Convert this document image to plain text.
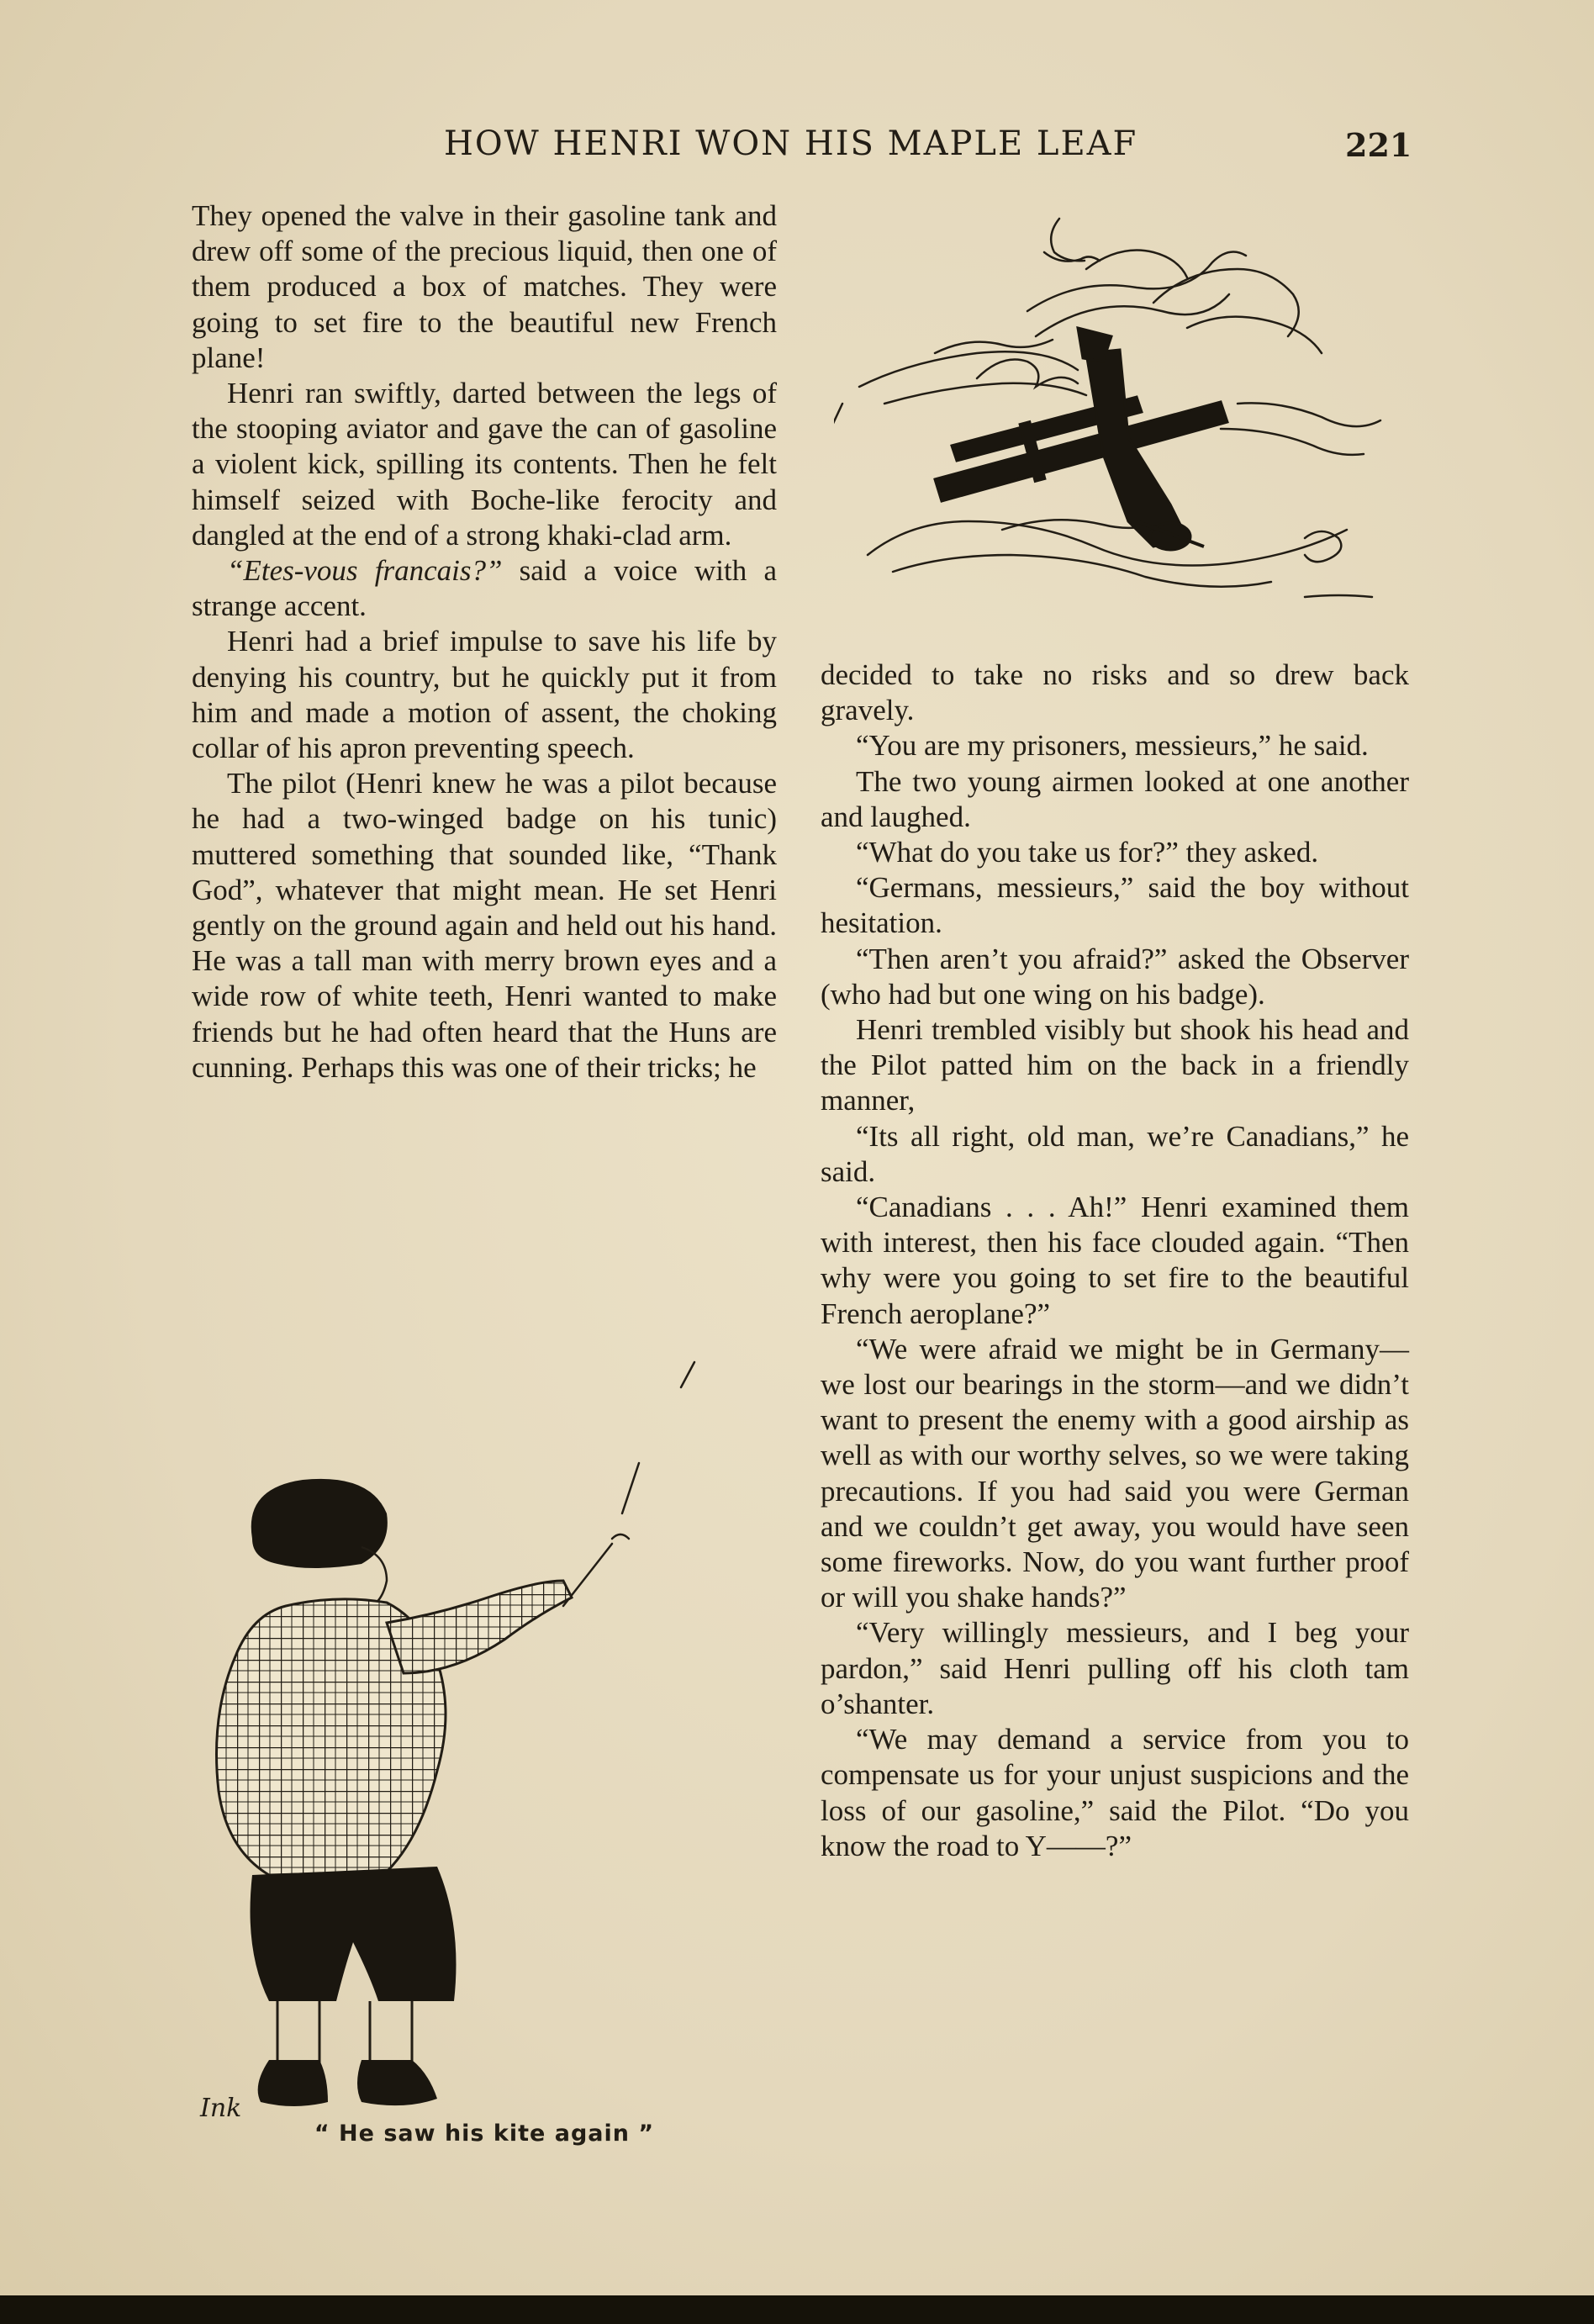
HOW HENRI WON HIS MAPLE LEAF	221

They opened the valve in their gasoline tank and drew off some of the precious liquid, then one of them produced a box of matches. They were going to set fire to the beautiful new French plane!

Henri ran swiftly, darted between the legs of the stooping aviator and gave the can of gasoline a violent kick, spilling its contents. Then he felt himself seized with Boche-like ferocity and dangled at the end of a strong khaki-clad arm.

“Etes-vous francais?” said a voice with a strange accent.

Henri had a brief impulse to save his life by denying his country, but he quickly put it from him and made a motion of assent, the choking collar of his apron preventing speech.

The pilot (Henri knew he was a pilot because he had a two-winged badge on his tunic) muttered something that sounded like, “Thank God”, whatever that might mean. He set Henri gently on the ground again and held out his hand. He was a tall man with merry brown eyes and a wide row of white teeth, Henri wanted to make friends but he had often heard that the Huns are cunning. Perhaps this was one of their tricks; he

decided to take no risks and so drew back gravely.

“You are my prisoners, messieurs,” he said.

The two young airmen looked at one another and laughed.

“What do you take us for?” they asked.

“Germans, messieurs,” said the boy without hesitation.

“Then aren’t you afraid?” asked the Observer (who had but one wing on his badge).

Henri trembled visibly but shook his head and the Pilot patted him on the back in a friendly manner,

“Its all right, old man, we’re Canadians,” he said.

“Canadians . . . Ah!” Henri examined them with interest, then his face clouded again. “Then why were you going to set fire to the beautiful French aeroplane?”

“We were afraid we might be in Germany—we lost our bearings in the storm—and we didn’t want to present the enemy with a good airship as well as with our worthy selves, so we were taking precautions. If you had said you were German and we couldn’t get away, you would have seen some fireworks. Now, do you want further proof or will you shake hands?”

“Very willingly messieurs, and I beg your pardon,” said Henri pulling off his cloth tam o’shanter.

“We may demand a service from you to compensate us for your unjust suspicions and the loss of our gasoline,” said the Pilot. “Do you know the road to Y——?”

Ink
“ He saw his kite again ”
